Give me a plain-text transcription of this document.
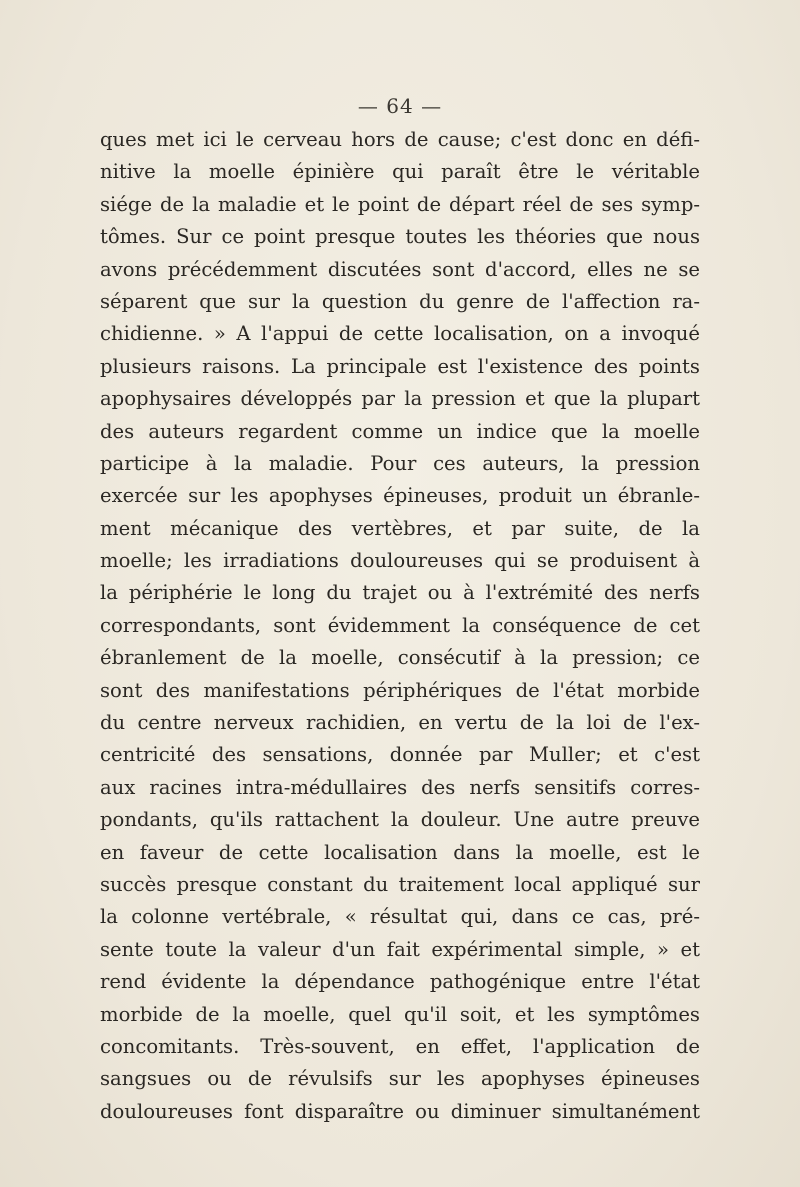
— 64 —
ques met ici le cerveau hors de cause; c'est donc en défi-
nitive la moelle épinière qui paraît être le véritable
siége de la maladie et le point de départ réel de ses symp-
tômes. Sur ce point presque toutes les théories que nous
avons précédemment discutées sont d'accord, elles ne se
séparent que sur la question du genre de l'affection ra-
chidienne. » A l'appui de cette localisation, on a invoqué
plusieurs raisons. La principale est l'existence des points
apophysaires développés par la pression et que la plupart
des auteurs regardent comme un indice que la moelle
participe à la maladie. Pour ces auteurs, la pression
exercée sur les apophyses épineuses, produit un ébranle-
ment mécanique des vertèbres, et par suite, de la
moelle; les irradiations douloureuses qui se produisent à
la périphérie le long du trajet ou à l'extrémité des nerfs
correspondants, sont évidemment la conséquence de cet
ébranlement de la moelle, consécutif à la pression; ce
sont des manifestations périphériques de l'état morbide
du centre nerveux rachidien, en vertu de la loi de l'ex-
centricité des sensations, donnée par Muller; et c'est
aux racines intra-médullaires des nerfs sensitifs corres-
pondants, qu'ils rattachent la douleur. Une autre preuve
en faveur de cette localisation dans la moelle, est le
succès presque constant du traitement local appliqué sur
la colonne vertébrale, « résultat qui, dans ce cas, pré-
sente toute la valeur d'un fait expérimental simple, » et
rend évidente la dépendance pathogénique entre l'état
morbide de la moelle, quel qu'il soit, et les symptômes
concomitants. Très-souvent, en effet, l'application de
sangsues ou de révulsifs sur les apophyses épineuses
douloureuses font disparaître ou diminuer simultanément
